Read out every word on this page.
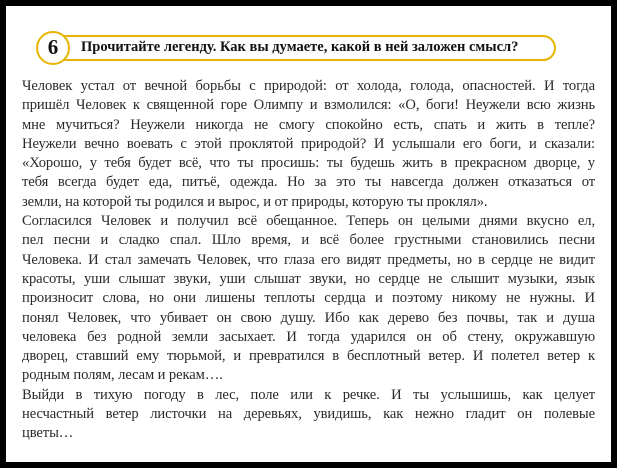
6	Прочитайте легенду. Как вы думаете, какой в ней заложен смысл?
Человек устал от вечной борьбы с природой: от холода, голода, опасностей. И тогда
пришёл Человек к священной горе Олимпу и взмолился: «О, боги! Неужели всю жизнь
мне мучиться? Неужели никогда не смогу спокойно есть, спать и жить в тепле?
Неужели вечно воевать с этой проклятой природой? И услышали его боги, и сказали:
«Хорошо, у тебя будет всё, что ты просишь: ты будешь жить в прекрасном дворце, у
тебя всегда будет еда, питьё, одежда. Но за это ты навсегда должен отказаться от
земли, на которой ты родился и вырос, и от природы, которую ты проклял».
Согласился Человек и получил всё обещанное. Теперь он целыми днями вкусно ел,
пел песни и сладко спал. Шло время, и всё более грустными становились песни
Человека. И стал замечать Человек, что глаза его видят предметы, но в сердце не видит
красоты, уши слышат звуки, уши слышат звуки, но сердце не слышит музыки, язык
произносит слова, но они лишены теплоты сердца и поэтому никому не нужны. И
понял Человек, что убивает он свою душу. Ибо как дерево без почвы, так и душа
человека без родной земли засыхает. И тогда ударился он об стену, окружавшую
дворец, ставший ему тюрьмой, и превратился в бесплотный ветер. И полетел ветер к
родным полям, лесам и рекам….
Выйди в тихую погоду в лес, поле или к речке. И ты услышишь, как целует
несчастный ветер листочки на деревьях, увидишь, как нежно гладит он полевые
цветы…
